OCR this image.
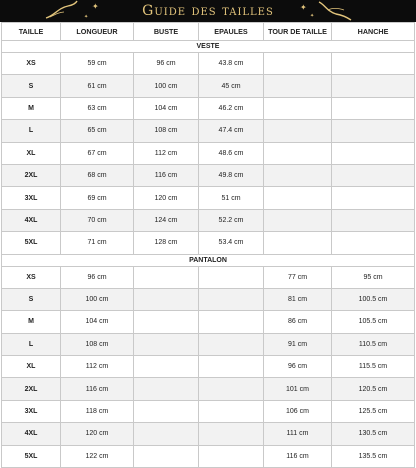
✦	✦
✦
✦	Guide des tailles
TAILLE	LONGUEUR	BUSTE	EPAULES	TOUR DE TAILLE	HANCHE
VESTE					
XS	59 cm	96 cm	43.8 cm		
S	61 cm	100 cm	45 cm		
M	63 cm	104 cm	46.2 cm		
L	65 cm	108 cm	47.4 cm		
XL	67 cm	112 cm	48.6 cm		
2XL	68 cm	116 cm	49.8 cm		
3XL	69 cm	120 cm	51 cm		
4XL	70 cm	124 cm	52.2 cm		
5XL	71 cm	128 cm	53.4 cm		
PANTALON					
XS	96 cm			77 cm	95 cm
S	100 cm			81 cm	100.5 cm
M	104 cm			86 cm	105.5 cm
L	108 cm			91 cm	110.5 cm
XL	112 cm			96 cm	115.5 cm
2XL	116 cm			101 cm	120.5 cm
3XL	118 cm			106 cm	125.5 cm
4XL	120 cm			111 cm	130.5 cm
5XL	122 cm			116 cm	135.5 cm
